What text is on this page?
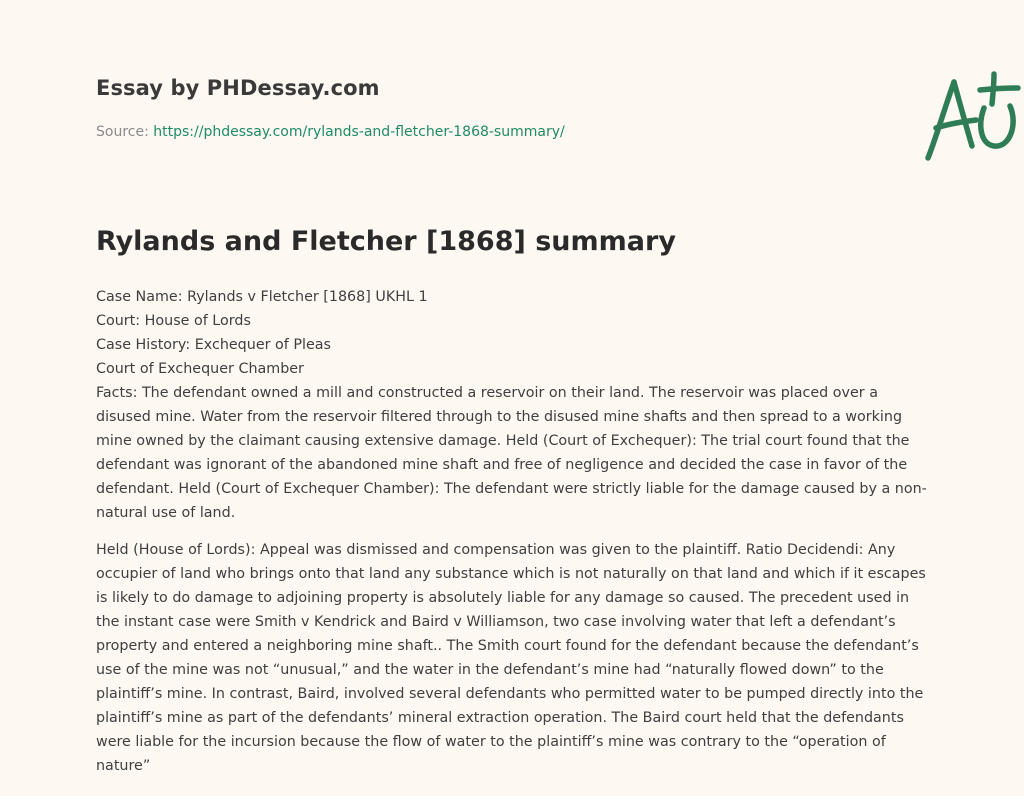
Essay by PHDessay.com
Source: https://phdessay.com/rylands-and-fletcher-1868-summary/
Rylands and Fletcher [1868] summary

Case Name: Rylands v Fletcher [1868] UKHL 1
Court: House of Lords
Case History: Exchequer of Pleas
Court of Exchequer Chamber
Facts: The defendant owned a mill and constructed a reservoir on their land. The reservoir was placed over a disused mine. Water from the reservoir filtered through to the disused mine shafts and then spread to a working mine owned by the claimant causing extensive damage. Held (Court of Exchequer): The trial court found that the defendant was ignorant of the abandoned mine shaft and free of negligence and decided the case in favor of the defendant. Held (Court of Exchequer Chamber): The defendant were strictly liable for the damage caused by a non-natural use of land.

Held (House of Lords): Appeal was dismissed and compensation was given to the plaintiff. Ratio Decidendi: Any occupier of land who brings onto that land any substance which is not naturally on that land and which if it escapes is likely to do damage to adjoining property is absolutely liable for any damage so caused. The precedent used in the instant case were Smith v Kendrick and Baird v Williamson, two case involving water that left a defendant’s property and entered a neighboring mine shaft.. The Smith court found for the defendant because the defendant’s use of the mine was not “unusual,” and the water in the defendant’s mine had “naturally flowed down” to the plaintiff’s mine. In contrast, Baird, involved several defendants who permitted water to be pumped directly into the plaintiff’s mine as part of the defendants’ mineral extraction operation. The Baird court held that the defendants were liable for the incursion because the flow of water to the plaintiff’s mine was contrary to the “operation of nature”
